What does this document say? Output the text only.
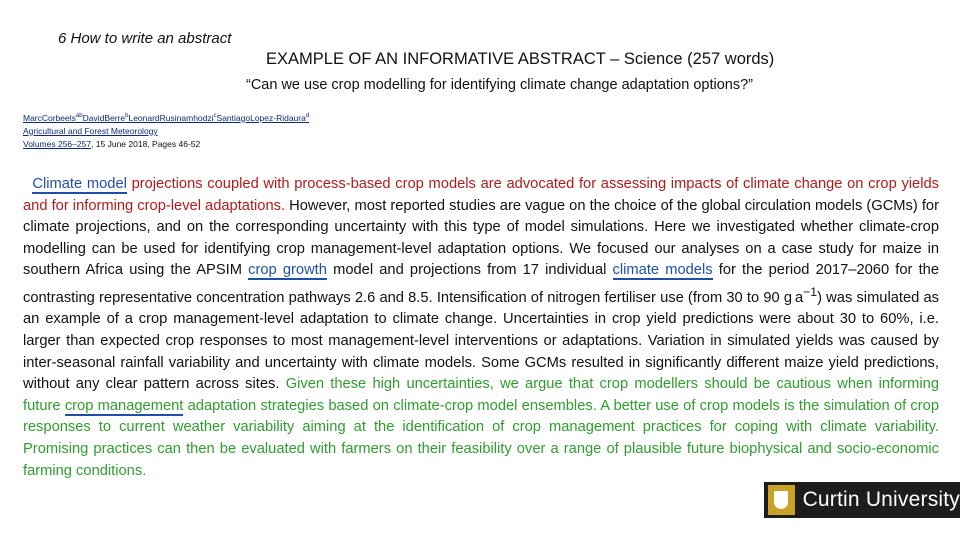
6 How to write an abstract
EXAMPLE OF AN INFORMATIVE ABSTRACT – Science (257 words)
“Can we use crop modelling for identifying climate change adaptation options?”
MarcCorbeels$^{ab}$DavidBerre$^b$LeonardRusinamhodzi$^c$SantiagoLopez-Ridaura$^d$
Agricultural and Forest Meteorology
Volumes 256–257, 15 June 2018, Pages 46-52

Climate model projections coupled with process-based crop models are advocated for assessing impacts of climate change on crop yields and for informing crop-level adaptations. However, most reported studies are vague on the choice of the global circulation models (GCMs) for climate projections, and on the corresponding uncertainty with this type of model simulations. Here we investigated whether climate-crop modelling can be used for identifying crop management-level adaptation options. We focused our analyses on a case study for maize in southern Africa using the APSIM crop growth model and projections from 17 individual climate models for the period 2017–2060 for the contrasting representative concentration pathways 2.6 and 8.5. Intensification of nitrogen fertiliser use (from 30 to 90 g $a^{-1}$) was simulated as an example of a crop management-level adaptation to climate change. Uncertainties in crop yield predictions were about 30 to 60%, i.e. larger than expected crop responses to most management-level interventions or adaptations. Variation in simulated yields was caused by inter-seasonal rainfall variability and uncertainty with climate models. Some GCMs resulted in significantly different maize yield predictions, without any clear pattern across sites. Given these high uncertainties, we argue that crop modellers should be cautious when informing future crop management adaptation strategies based on climate-crop model ensembles. A better use of crop models is the simulation of crop responses to current weather variability aiming at the identification of crop management practices for coping with climate variability. Promising practices can then be evaluated with farmers on their feasibility over a range of plausible future biophysical and socio-economic farming conditions.

Curtin University
